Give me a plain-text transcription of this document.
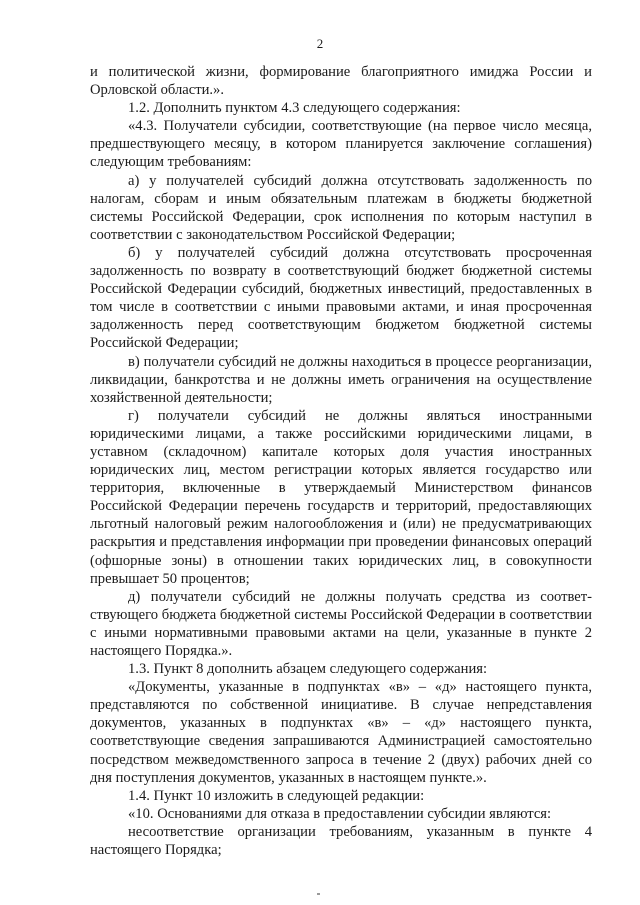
2

и политической жизни, формирование благоприятного имиджа России и Орловской области.».

1.2. Дополнить пунктом 4.3 следующего содержания:

«4.3. Получатели субсидии, соответствующие (на первое число месяца, предшествующего месяцу, в котором планируется заключение соглашения) следующим требованиям:

а) у получателей субсидий должна отсутствовать задолженность по налогам, сборам и иным обязательным платежам в бюджеты бюджетной системы Российской Федерации, срок исполнения по которым наступил в соответствии с законодательством Российской Федерации;

б) у получателей субсидий должна отсутствовать просроченная задолженность по возврату в соответствующий бюджет бюджетной системы Российской Федерации субсидий, бюджетных инвестиций, предоставленных в том числе в соответствии с иными правовыми актами, и иная просроченная задолженность перед соответствующим бюджетом бюджетной системы Российской Федерации;

в) получатели субсидий не должны находиться в процессе реорганизации, ликвидации, банкротства и не должны иметь ограничения на осуществление хозяйственной деятельности;

г) получатели субсидий не должны являться иностранными юридическими лицами, а также российскими юридическими лицами, в уставном (складочном) капитале которых доля участия иностранных юридических лиц, местом регистрации которых является государство или территория, включенные в утверждаемый Министерством финансов Российской Федерации перечень государств и территорий, предоставляющих льготный налоговый режим налогообложения и (или) не предусматривающих раскрытия и представления информации при проведении финансовых операций (офшорные зоны) в отношении таких юридических лиц, в совокупности превышает 50 процентов;

д) получатели субсидий не должны получать средства из соответ-ствующего бюджета бюджетной системы Российской Федерации в соответствии с иными нормативными правовыми актами на цели, указанные в пункте 2 настоящего Порядка.».

1.3. Пункт 8 дополнить абзацем следующего содержания:

«Документы, указанные в подпунктах «в» – «д» настоящего пункта, представляются по собственной инициативе. В случае непредставления документов, указанных в подпунктах «в» – «д» настоящего пункта, соответствующие сведения запрашиваются Администрацией самостоятельно посредством межведомственного запроса в течение 2 (двух) рабочих дней со дня поступления документов, указанных в настоящем пункте.».

1.4. Пункт 10 изложить в следующей редакции:

«10. Основаниями для отказа в предоставлении субсидии являются:

несоответствие организации требованиям, указанным в пункте 4 настоящего Порядка;
